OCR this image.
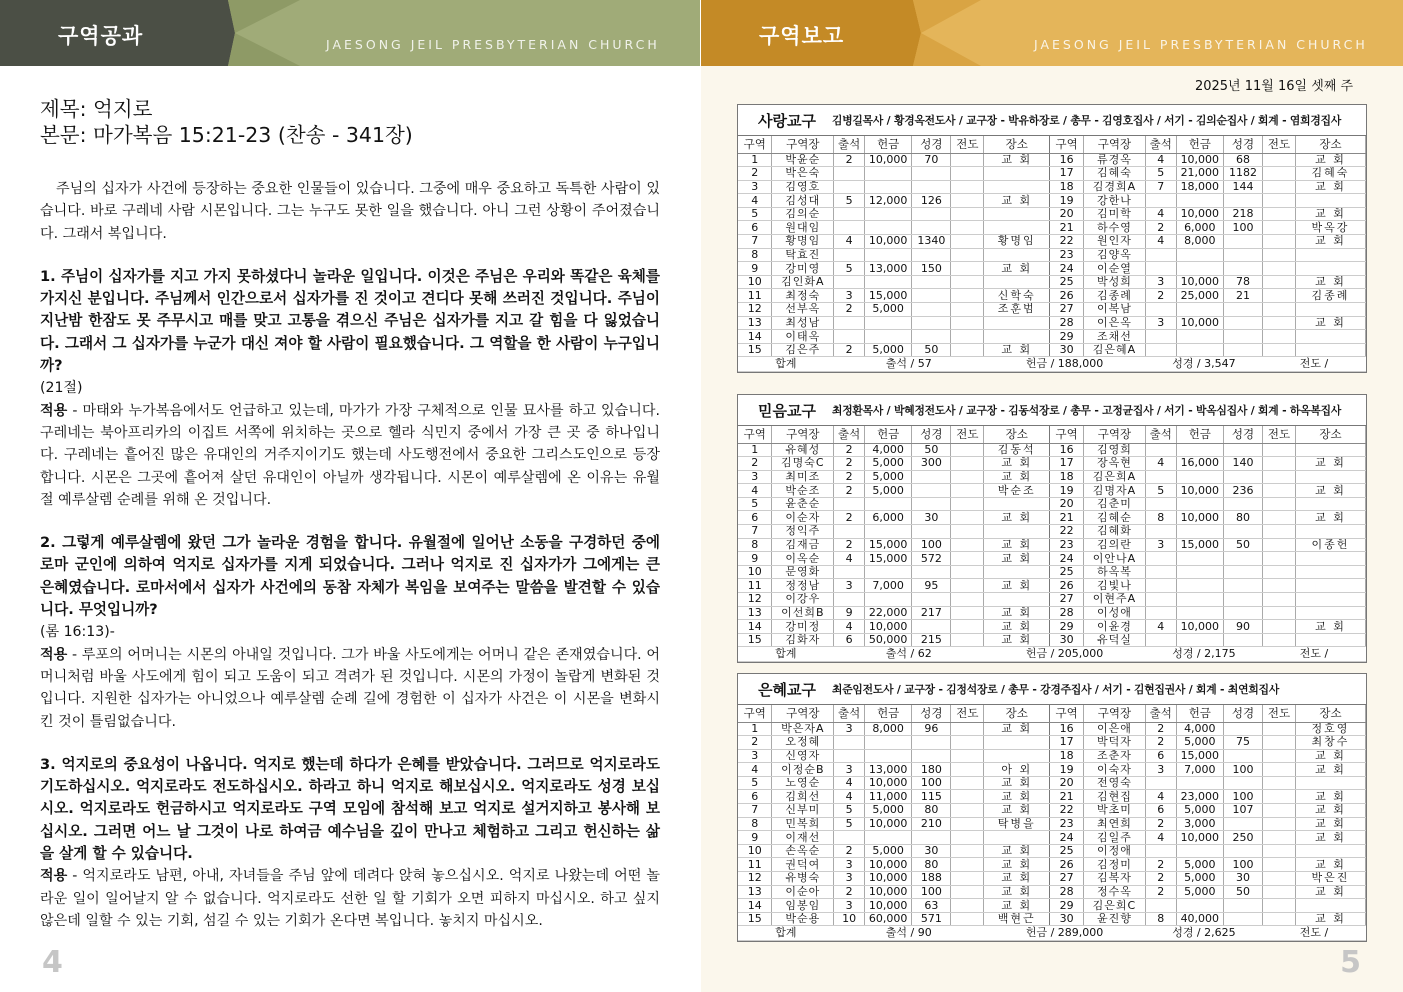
구역공과	JAESONG JEIL PRESBYTERIAN CHURCH
제목: 억지로
본문: 마가복음 15:21-23 (찬송 - 341장)

주님의 십자가 사건에 등장하는 중요한 인물들이 있습니다. 그중에 매우 중요하고 독특한 사람이 있습니다. 바로 구레네 사람 시몬입니다. 그는 누구도 못한 일을 했습니다. 아니 그런 상황이 주어졌습니다. 그래서 복입니다.

1. 주님이 십자가를 지고 가지 못하셨다니 놀라운 일입니다. 이것은 주님은 우리와 똑같은 육체를 가지신 분입니다. 주님께서 인간으로서 십자가를 진 것이고 견디다 못해 쓰러진 것입니다. 주님이 지난밤 한잠도 못 주무시고 매를 맞고 고통을 겪으신 주님은 십자가를 지고 갈 힘을 다 잃었습니다. 그래서 그 십자가를 누군가 대신 져야 할 사람이 필요했습니다. 그 역할을 한 사람이 누구입니까?

(21절)

적용 - 마태와 누가복음에서도 언급하고 있는데, 마가가 가장 구체적으로 인물 묘사를 하고 있습니다. 구레네는 북아프리카의 이집트 서쪽에 위치하는 곳으로 헬라 식민지 중에서 가장 큰 곳 중 하나입니다. 구레네는 흩어진 많은 유대인의 거주지이기도 했는데 사도행전에서 중요한 그리스도인으로 등장합니다. 시몬은 그곳에 흩어져 살던 유대인이 아닐까 생각됩니다. 시몬이 예루살렘에 온 이유는 유월절 예루살렘 순례를 위해 온 것입니다.

2. 그렇게 예루살렘에 왔던 그가 놀라운 경험을 합니다. 유월절에 일어난 소동을 구경하던 중에 로마 군인에 의하여 억지로 십자가를 지게 되었습니다. 그러나 억지로 진 십자가가 그에게는 큰 은혜였습니다. 로마서에서 십자가 사건에의 동참 자체가 복임을 보여주는 말씀을 발견할 수 있습니다. 무엇입니까?

(롬 16:13)-

적용 - 루포의 어머니는 시몬의 아내일 것입니다. 그가 바울 사도에게는 어머니 같은 존재였습니다. 어머니처럼 바울 사도에게 힘이 되고 도움이 되고 격려가 된 것입니다. 시몬의 가정이 놀랍게 변화된 것입니다. 지원한 십자가는 아니었으나 예루살렘 순례 길에 경험한 이 십자가 사건은 이 시몬을 변화시킨 것이 틀림없습니다.

3. 억지로의 중요성이 나옵니다. 억지로 했는데 하다가 은혜를 받았습니다. 그러므로 억지로라도 기도하십시오. 억지로라도 전도하십시오. 하라고 하니 억지로 해보십시오. 억지로라도 성경 보십시오. 억지로라도 헌금하시고 억지로라도 구역 모임에 참석해 보고 억지로 설거지하고 봉사해 보십시오. 그러면 어느 날 그것이 나로 하여금 예수님을 깊이 만나고 체험하고 그리고 헌신하는 삶을 살게 할 수 있습니다.

적용 - 억지로라도 남편, 아내, 자녀들을 주님 앞에 데려다 앉혀 놓으십시오. 억지로 나왔는데 어떤 놀라운 일이 일어날지 알 수 없습니다. 억지로라도 선한 일 할 기회가 오면 피하지 마십시오. 하고 싶지 않은데 일할 수 있는 기회, 섬길 수 있는 기회가 온다면 복입니다. 놓치지 마십시오.

4
구역보고	JAESONG JEIL PRESBYTERIAN CHURCH
2025년 11월 16일 셋째 주
사랑교구 김병길목사 / 황경옥전도사 / 교구장 - 박유하장로 / 총무 - 김영호집사 / 서기 - 김의순집사 / 회계 - 염희경집사
구역	구역장	출석	헌금	성경	전도	장소	구역	구역장	출석	헌금	성경	전도	장소
1	박윤순	2	10,000	70		교 회	16	류경옥	4	10,000	68		교 회
2	박은숙						17	김혜숙	5	21,000	1182		김혜숙
3	김영호						18	김경희A	7	18,000	144		교 회
4	김성대	5	12,000	126		교 회	19	강한나					
5	김의순						20	김미학	4	10,000	218		교 회
6	원대임						21	하수영	2	6,000	100		박옥강
7	황명임	4	10,000	1340		황명임	22	원인자	4	8,000			교 회
8	탁효진						23	김양옥					
9	강미영	5	13,000	150		교 회	24	이순열					
10	김인화A						25	박성희	3	10,000	78		교 회
11	최정숙	3	15,000			신학숙	26	김종례	2	25,000	21		김종례
12	선부옥	2	5,000			조훈범	27	이복남					
13	최성남						28	이은옥	3	10,000			교 회
14	이태옥						29	조채선					
15	김은주	2	5,000	50		교 회	30	김은혜A					
합계		출석 / 57				헌금 / 188,000			성경 / 3,547			전도 /	
믿음교구 최정환목사 / 박혜정전도사 / 교구장 - 김동석장로 / 총무 - 고정균집사 / 서기 - 박옥심집사 / 회계 - 하옥복집사
구역	구역장	출석	헌금	성경	전도	장소	구역	구역장	출석	헌금	성경	전도	장소
1	유혜성	2	4,000	50		김동석	16	김영희					
2	김명숙C	2	5,000	300		교 회	17	장옥현	4	16,000	140		교 회
3	최미조	2	5,000			교 회	18	김은희A					
4	박순조	2	5,000			박순조	19	김명자A	5	10,000	236		교 회
5	윤춘순						20	김춘미					
6	이순자	2	6,000	30		교 회	21	김혜순	8	10,000	80		교 회
7	정익주						22	김혜화					
8	김재금	2	15,000	100		교 회	23	김의란	3	15,000	50		이종헌
9	이옥순	4	15,000	572		교 회	24	이안나A					
10	문영화						25	하옥복					
11	정정남	3	7,000	95		교 회	26	김빛나					
12	이강우						27	이현주A					
13	이선희B	9	22,000	217		교 회	28	이성애					
14	강미정	4	10,000			교 회	29	이윤경	4	10,000	90		교 회
15	김화자	6	50,000	215		교 회	30	유덕실					
합계		출석 / 62				헌금 / 205,000			성경 / 2,175			전도 /	
은혜교구 최준임전도사 / 교구장 - 김정석장로 / 총무 - 강경주집사 / 서기 - 김현집권사 / 회계 - 최연희집사
구역	구역장	출석	헌금	성경	전도	장소	구역	구역장	출석	헌금	성경	전도	장소
1	박은자A	3	8,000	96		교 회	16	이은애	2	4,000			정호영
2	오정혜						17	박덕자	2	5,000	75		최창수
3	신영자						18	조춘자	6	15,000			교 회
4	이정순B	3	13,000	180		아 외	19	이숙자	3	7,000	100		교 회
5	노영순	4	10,000	100		교 회	20	전영숙					
6	김희선	4	11,000	115		교 회	21	김현집	4	23,000	100		교 회
7	신부미	5	5,000	80		교 회	22	박초미	6	5,000	107		교 회
8	민복희	5	10,000	210		탁병을	23	최연희	2	3,000			교 회
9	이재선						24	김일주	4	10,000	250		교 회
10	손옥순	2	5,000	30		교 회	25	이정애					
11	권덕여	3	10,000	80		교 회	26	김정미	2	5,000	100		교 회
12	유병숙	3	10,000	188		교 회	27	김복자	2	5,000	30		박은진
13	이순아	2	10,000	100		교 회	28	정수옥	2	5,000	50		교 회
14	임봉임	3	10,000	63		교 회	29	김은희C					
15	박순용	10	60,000	571		백현근	30	윤진향	8	40,000			교 회
합계		출석 / 90				헌금 / 289,000			성경 / 2,625			전도 /	
5
